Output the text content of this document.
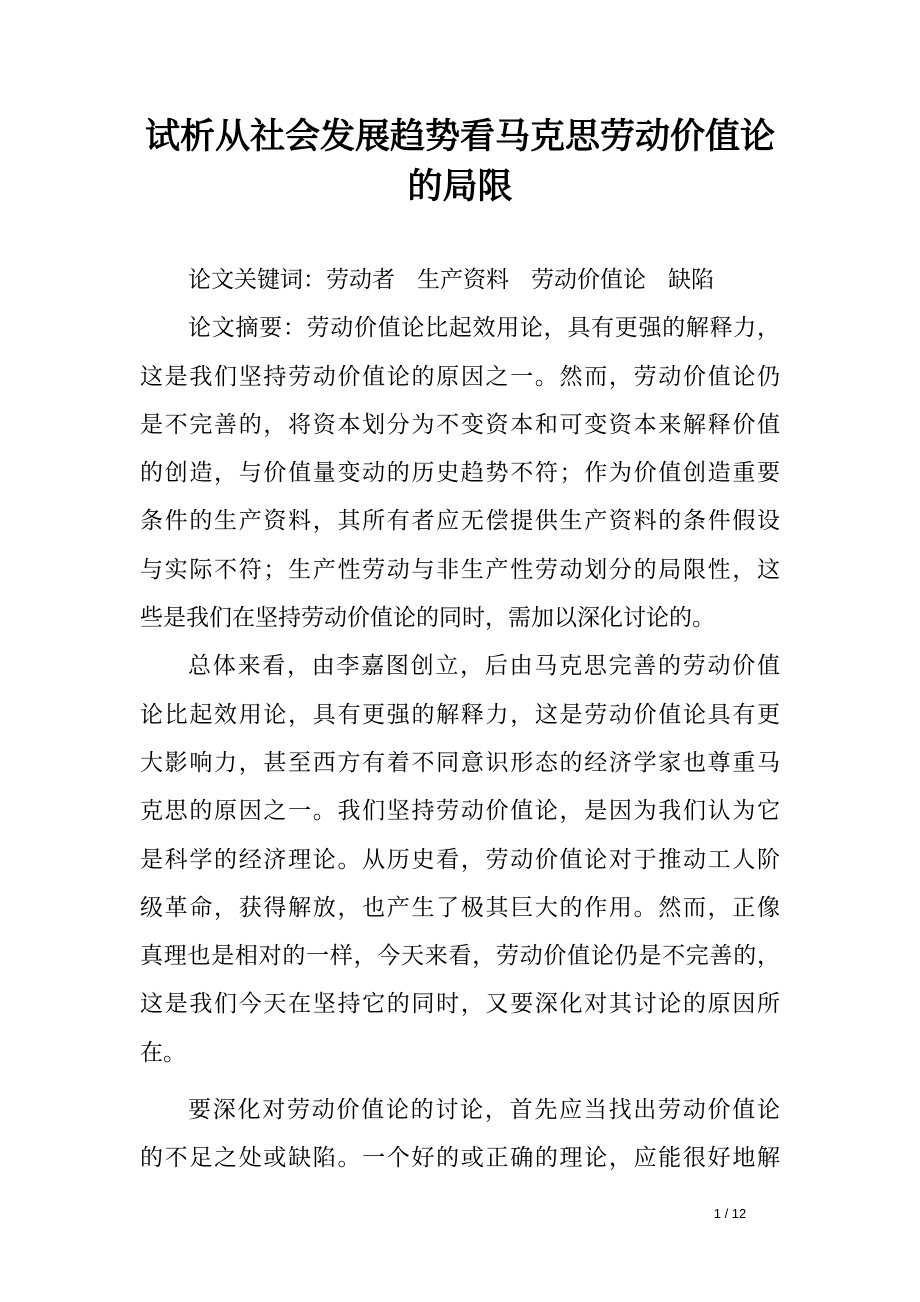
试析从社会发展趋势看马克思劳动价值论
的局限
论文关键词：劳动者 生产资料 劳动价值论 缺陷
论文摘要：劳动价值论比起效用论，具有更强的解释力，
这是我们坚持劳动价值论的原因之一。然而，劳动价值论仍
是不完善的，将资本划分为不变资本和可变资本来解释价值
的创造，与价值量变动的历史趋势不符；作为价值创造重要
条件的生产资料，其所有者应无偿提供生产资料的条件假设
与实际不符；生产性劳动与非生产性劳动划分的局限性，这
些是我们在坚持劳动价值论的同时，需加以深化讨论的。
总体来看，由李嘉图创立，后由马克思完善的劳动价值
论比起效用论，具有更强的解释力，这是劳动价值论具有更
大影响力，甚至西方有着不同意识形态的经济学家也尊重马
克思的原因之一。我们坚持劳动价值论，是因为我们认为它
是科学的经济理论。从历史看，劳动价值论对于推动工人阶
级革命，获得解放，也产生了极其巨大的作用。然而，正像
真理也是相对的一样，今天来看，劳动价值论仍是不完善的，
这是我们今天在坚持它的同时，又要深化对其讨论的原因所
在。
要深化对劳动价值论的讨论，首先应当找出劳动价值论
的不足之处或缺陷。一个好的或正确的理论，应能很好地解
1 / 12
